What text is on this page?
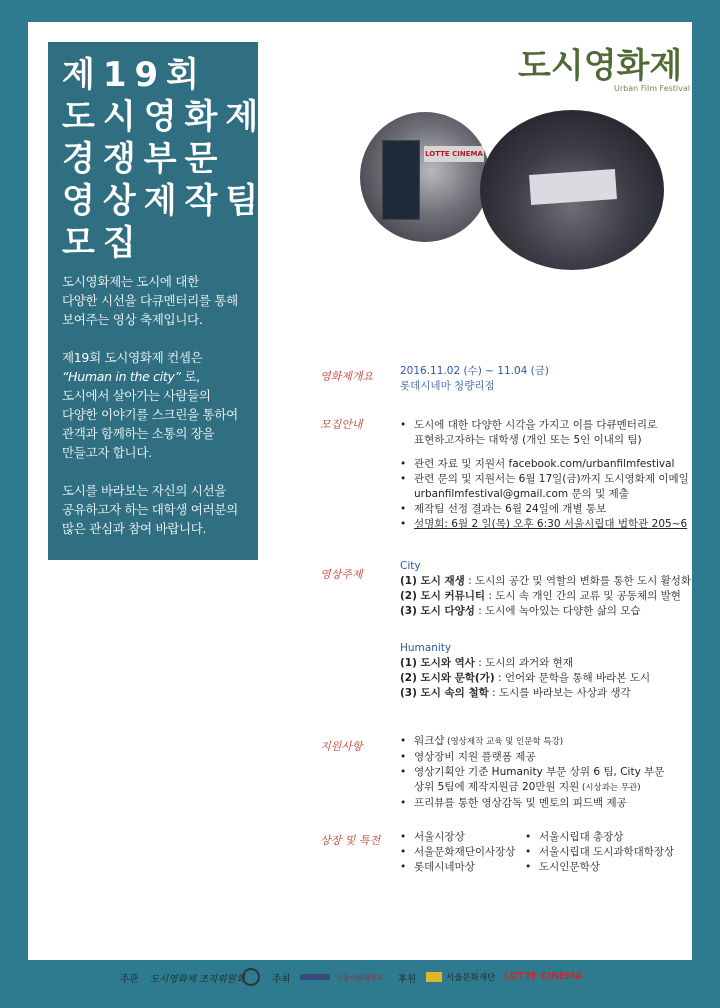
제19회
도시영화제
경쟁부문
영상제작팀
모집

도시영화제는 도시에 대한
다양한 시선을 다큐멘터리를 통해
보여주는 영상 축제입니다.

제19회 도시영화제 컨셉은
“Human in the city” 로,
도시에서 살아가는 사람들의
다양한 이야기를 스크린을 통하여
관객과 함께하는 소통의 장을
만들고자 합니다.

도시를 바라보는 자신의 시선을
공유하고자 하는 대학생 여러분의
많은 관심과 참여 바랍니다.

도시영화제
Urban Film Festival
LOTTE CINEMA
영화제개요	2016.11.02 (수) ~ 11.04 (금)
롯데시네마 청량리점
모집안내	• 도시에 대한 다양한 시각을 가지고 이를 다큐멘터리로
표현하고자하는 대학생 (개인 또는 5인 이내의 팀)
• 관련 자료 및 지원서 facebook.com/urbanfilmfestival
• 관련 문의 및 지원서는 6월 17일(금)까지 도시영화제 이메일
urbanfilmfestival@gmail.com 문의 및 제출
• 제작팀 선정 결과는 6월 24일에 개별 통보
• 설명회: 6월 2 일(목) 오후 6:30 서울시립대 법학관 205~6
영상주제
City
(1) 도시 재생 : 도시의 공간 및 역할의 변화를 통한 도시 활성화
(2) 도시 커뮤니티 : 도시 속 개인 간의 교류 및 공동체의 발현
(3) 도시 다양성 : 도시에 녹아있는 다양한 삶의 모습
Humanity
(1) 도시와 역사 : 도시의 과거와 현재
(2) 도시와 문학(가) : 언어와 문학을 통해 바라본 도시
(3) 도시 속의 철학 : 도시를 바라보는 사상과 생각
지원사항	• 워크샵 (영상제작 교육 및 인문학 특강)
• 영상장비 지원 플랫폼 제공
• 영상기획안 기준 Humanity 부문 상위 6 팀, City 부문
상위 5팀에 제작지원금 20만원 지원 (시상과는 무관)
• 프리뷰를 통한 영상감독 및 멘토의 피드백 제공
상장 및 특전	• 서울시장상
• 서울문화재단이사장상
• 롯데시네마상
• 서울시립대 총장상
• 서울시립대 도시과학대학장상
• 도시인문학상
주관 도시영화제 조직위원회	주최	서울시립대학교 후원	서울문화재단 LOTTE CINEMA
